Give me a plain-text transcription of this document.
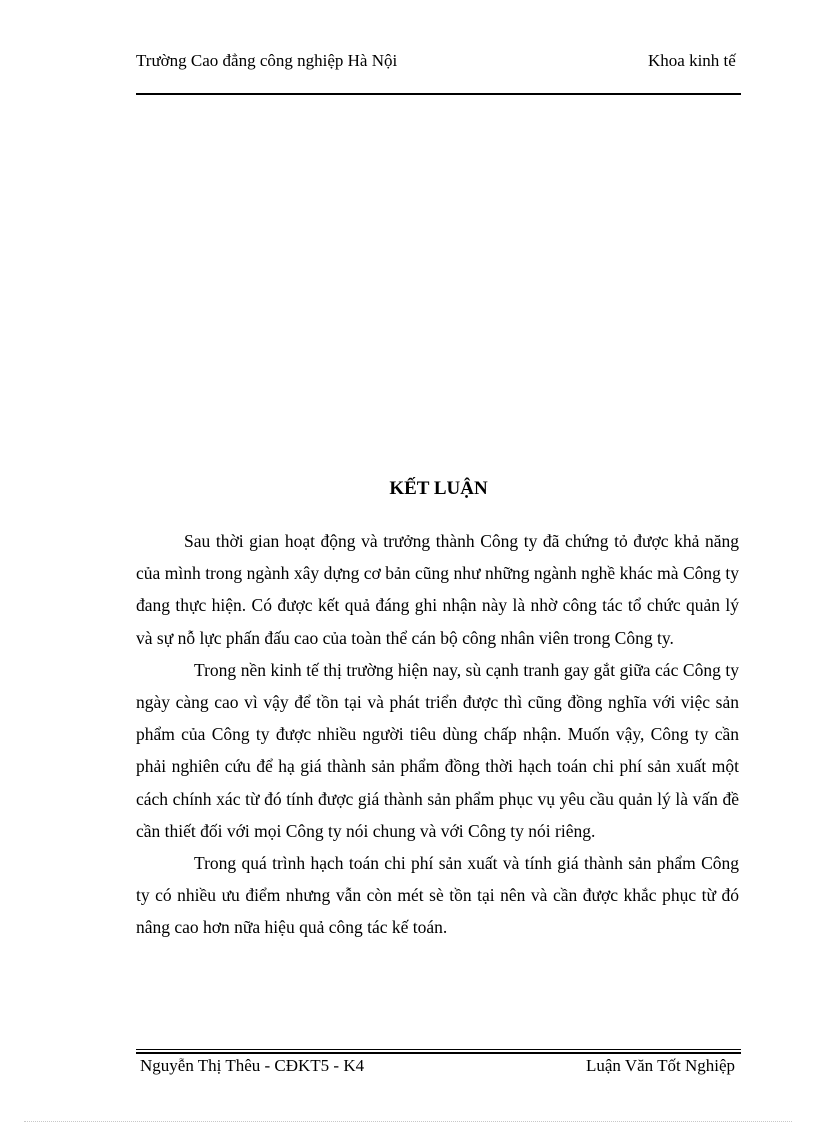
Trường Cao đẳng công nghiệp Hà Nội	Khoa kinh tế
KẾT LUẬN

Sau thời gian hoạt động và trưởng thành Công ty đã chứng tỏ được khả năng của mình trong ngành xây dựng cơ bản cũng như những ngành nghề khác mà Công ty đang thực hiện. Có được kết quả đáng ghi nhận này là nhờ công tác tổ chức quản lý và sự nỗ lực phấn đấu cao của toàn thể cán bộ công nhân viên trong Công ty.

Trong nền kinh tế thị trường hiện nay, sù cạnh tranh gay gắt giữa các Công ty ngày càng cao vì vậy để tồn tại và phát triển được thì cũng đồng nghĩa với việc sản phẩm của Công ty được nhiều người tiêu dùng chấp nhận. Muốn vậy, Công ty cần phải nghiên cứu để hạ giá thành sản phẩm đồng thời hạch toán chi phí sản xuất một cách chính xác từ đó tính được giá thành sản phẩm phục vụ yêu cầu quản lý là vấn đề cần thiết đối với mọi Công ty nói chung và với Công ty nói riêng.

Trong quá trình hạch toán chi phí sản xuất và tính giá thành sản phẩm Công ty có nhiều ưu điểm nhưng vẫn còn mét sè tồn tại nên và cần được khắc phục từ đó nâng cao hơn nữa hiệu quả công tác kế toán.

Nguyễn Thị Thêu - CĐKT5 - K4	Luận Văn Tốt Nghiệp
